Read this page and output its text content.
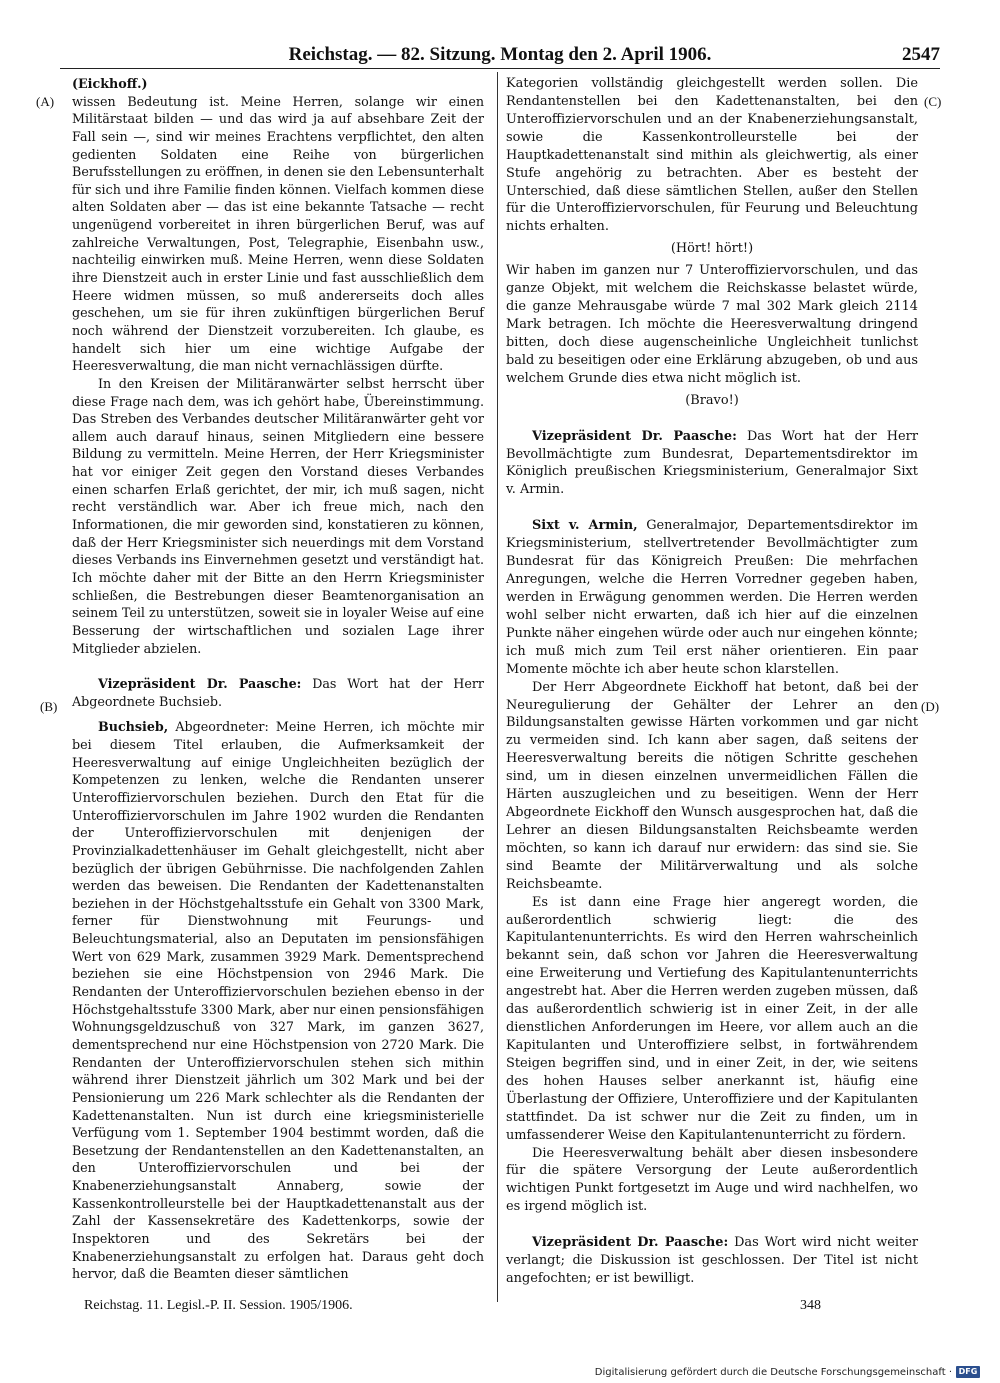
Reichstag. — 82. Sitzung. Montag den 2. April 1906.	2547
(A)
(B)
(C)
(D)

(Eickhoff.)

wissen Bedeutung ist. Meine Herren, solange wir einen Militärstaat bilden — und das wird ja auf absehbare Zeit der Fall sein —, sind wir meines Erachtens verpflichtet, den alten gedienten Soldaten eine Reihe von bürgerlichen Berufsstellungen zu eröffnen, in denen sie den Lebensunterhalt für sich und ihre Familie finden können. Vielfach kommen diese alten Soldaten aber — das ist eine bekannte Tatsache — recht ungenügend vorbereitet in ihren bürgerlichen Beruf, was auf zahlreiche Verwaltungen, Post, Telegraphie, Eisenbahn usw., nachteilig einwirken muß. Meine Herren, wenn diese Soldaten ihre Dienstzeit auch in erster Linie und fast ausschließlich dem Heere widmen müssen, so muß andererseits doch alles geschehen, um sie für ihren zukünftigen bürgerlichen Beruf noch während der Dienstzeit vorzubereiten. Ich glaube, es handelt sich hier um eine wichtige Aufgabe der Heeresverwaltung, die man nicht vernachlässigen dürfte.

In den Kreisen der Militäranwärter selbst herrscht über diese Frage nach dem, was ich gehört habe, Übereinstimmung. Das Streben des Verbandes deutscher Militäranwärter geht vor allem auch darauf hinaus, seinen Mitgliedern eine bessere Bildung zu vermitteln. Meine Herren, der Herr Kriegsminister hat vor einiger Zeit gegen den Vorstand dieses Verbandes einen scharfen Erlaß gerichtet, der mir, ich muß sagen, nicht recht verständlich war. Aber ich freue mich, nach den Informationen, die mir geworden sind, konstatieren zu können, daß der Herr Kriegsminister sich neuerdings mit dem Vorstand dieses Verbands ins Einvernehmen gesetzt und verständigt hat. Ich möchte daher mit der Bitte an den Herrn Kriegsminister schließen, die Bestrebungen dieser Beamtenorganisation an seinem Teil zu unterstützen, soweit sie in loyaler Weise auf eine Besserung der wirtschaftlichen und sozialen Lage ihrer Mitglieder abzielen.

Vizepräsident Dr. Paasche: Das Wort hat der Herr Abgeordnete Buchsieb.

Buchsieb, Abgeordneter: Meine Herren, ich möchte mir bei diesem Titel erlauben, die Aufmerksamkeit der Heeresverwaltung auf einige Ungleichheiten bezüglich der Kompetenzen zu lenken, welche die Rendanten unserer Unteroffiziervorschulen beziehen. Durch den Etat für die Unteroffiziervorschulen im Jahre 1902 wurden die Rendanten der Unteroffiziervorschulen mit denjenigen der Provinzialkadettenhäuser im Gehalt gleichgestellt, nicht aber bezüglich der übrigen Gebührnisse. Die nachfolgenden Zahlen werden das beweisen. Die Rendanten der Kadettenanstalten beziehen in der Höchstgehaltsstufe ein Gehalt von 3300 Mark, ferner für Dienstwohnung mit Feurungs- und Beleuchtungsmaterial, also an Deputaten im pensionsfähigen Wert von 629 Mark, zusammen 3929 Mark. Dementsprechend beziehen sie eine Höchstpension von 2946 Mark. Die Rendanten der Unteroffiziervorschulen beziehen ebenso in der Höchstgehaltsstufe 3300 Mark, aber nur einen pensionsfähigen Wohnungsgeldzuschuß von 327 Mark, im ganzen 3627, dementsprechend nur eine Höchstpension von 2720 Mark. Die Rendanten der Unteroffiziervorschulen stehen sich mithin während ihrer Dienstzeit jährlich um 302 Mark und bei der Pensionierung um 226 Mark schlechter als die Rendanten der Kadettenanstalten. Nun ist durch eine kriegsministerielle Verfügung vom 1. September 1904 bestimmt worden, daß die Besetzung der Rendantenstellen an den Kadettenanstalten, an den Unteroffiziervorschulen und bei der Knabenerziehungsanstalt Annaberg, sowie der Kassenkontrolleurstelle bei der Hauptkadettenanstalt aus der Zahl der Kassensekretäre des Kadettenkorps, sowie der Inspektoren und des Sekretärs bei der Knabenerziehungsanstalt zu erfolgen hat. Daraus geht doch hervor, daß die Beamten dieser sämtlichen

Kategorien vollständig gleichgestellt werden sollen. Die Rendantenstellen bei den Kadettenanstalten, bei den Unteroffiziervorschulen und an der Knabenerziehungsanstalt, sowie die Kassenkontrolleurstelle bei der Hauptkadettenanstalt sind mithin als gleichwertig, als einer Stufe angehörig zu betrachten. Aber es besteht der Unterschied, daß diese sämtlichen Stellen, außer den Stellen für die Unteroffiziervorschulen, für Feurung und Beleuchtung nichts erhalten.

(Hört! hört!)

Wir haben im ganzen nur 7 Unteroffiziervorschulen, und das ganze Objekt, mit welchem die Reichskasse belastet würde, die ganze Mehrausgabe würde 7 mal 302 Mark gleich 2114 Mark betragen. Ich möchte die Heeresverwaltung dringend bitten, doch diese augenscheinliche Ungleichheit tunlichst bald zu beseitigen oder eine Erklärung abzugeben, ob und aus welchem Grunde dies etwa nicht möglich ist.

(Bravo!)

Vizepräsident Dr. Paasche: Das Wort hat der Herr Bevollmächtigte zum Bundesrat, Departementsdirektor im Königlich preußischen Kriegsministerium, Generalmajor Sixt v. Armin.

Sixt v. Armin, Generalmajor, Departementsdirektor im Kriegsministerium, stellvertretender Bevollmächtigter zum Bundesrat für das Königreich Preußen: Die mehrfachen Anregungen, welche die Herren Vorredner gegeben haben, werden in Erwägung genommen werden. Die Herren werden wohl selber nicht erwarten, daß ich hier auf die einzelnen Punkte näher eingehen würde oder auch nur eingehen könnte; ich muß mich zum Teil erst näher orientieren. Ein paar Momente möchte ich aber heute schon klarstellen.

Der Herr Abgeordnete Eickhoff hat betont, daß bei der Neuregulierung der Gehälter der Lehrer an den Bildungsanstalten gewisse Härten vorkommen und gar nicht zu vermeiden sind. Ich kann aber sagen, daß seitens der Heeresverwaltung bereits die nötigen Schritte geschehen sind, um in diesen einzelnen unvermeidlichen Fällen die Härten auszugleichen und zu beseitigen. Wenn der Herr Abgeordnete Eickhoff den Wunsch ausgesprochen hat, daß die Lehrer an diesen Bildungsanstalten Reichsbeamte werden möchten, so kann ich darauf nur erwidern: das sind sie. Sie sind Beamte der Militärverwaltung und als solche Reichsbeamte.

Es ist dann eine Frage hier angeregt worden, die außerordentlich schwierig liegt: die des Kapitulantenunterrichts. Es wird den Herren wahrscheinlich bekannt sein, daß schon vor Jahren die Heeresverwaltung eine Erweiterung und Vertiefung des Kapitulantenunterrichts angestrebt hat. Aber die Herren werden zugeben müssen, daß das außerordentlich schwierig ist in einer Zeit, in der alle dienstlichen Anforderungen im Heere, vor allem auch an die Kapitulanten und Unteroffiziere selbst, in fortwährendem Steigen begriffen sind, und in einer Zeit, in der, wie seitens des hohen Hauses selber anerkannt ist, häufig eine Überlastung der Offiziere, Unteroffiziere und der Kapitulanten stattfindet. Da ist schwer nur die Zeit zu finden, um in umfassenderer Weise den Kapitulantenunterricht zu fördern.

Die Heeresverwaltung behält aber diesen insbesondere für die spätere Versorgung der Leute außerordentlich wichtigen Punkt fortgesetzt im Auge und wird nachhelfen, wo es irgend möglich ist.

Vizepräsident Dr. Paasche: Das Wort wird nicht weiter verlangt; die Diskussion ist geschlossen. Der Titel ist nicht angefochten; er ist bewilligt.

Reichstag. 11. Legisl.-P. II. Session. 1905/1906.	348
Digitalisierung gefördert durch die Deutsche Forschungsgemeinschaft · DFG
